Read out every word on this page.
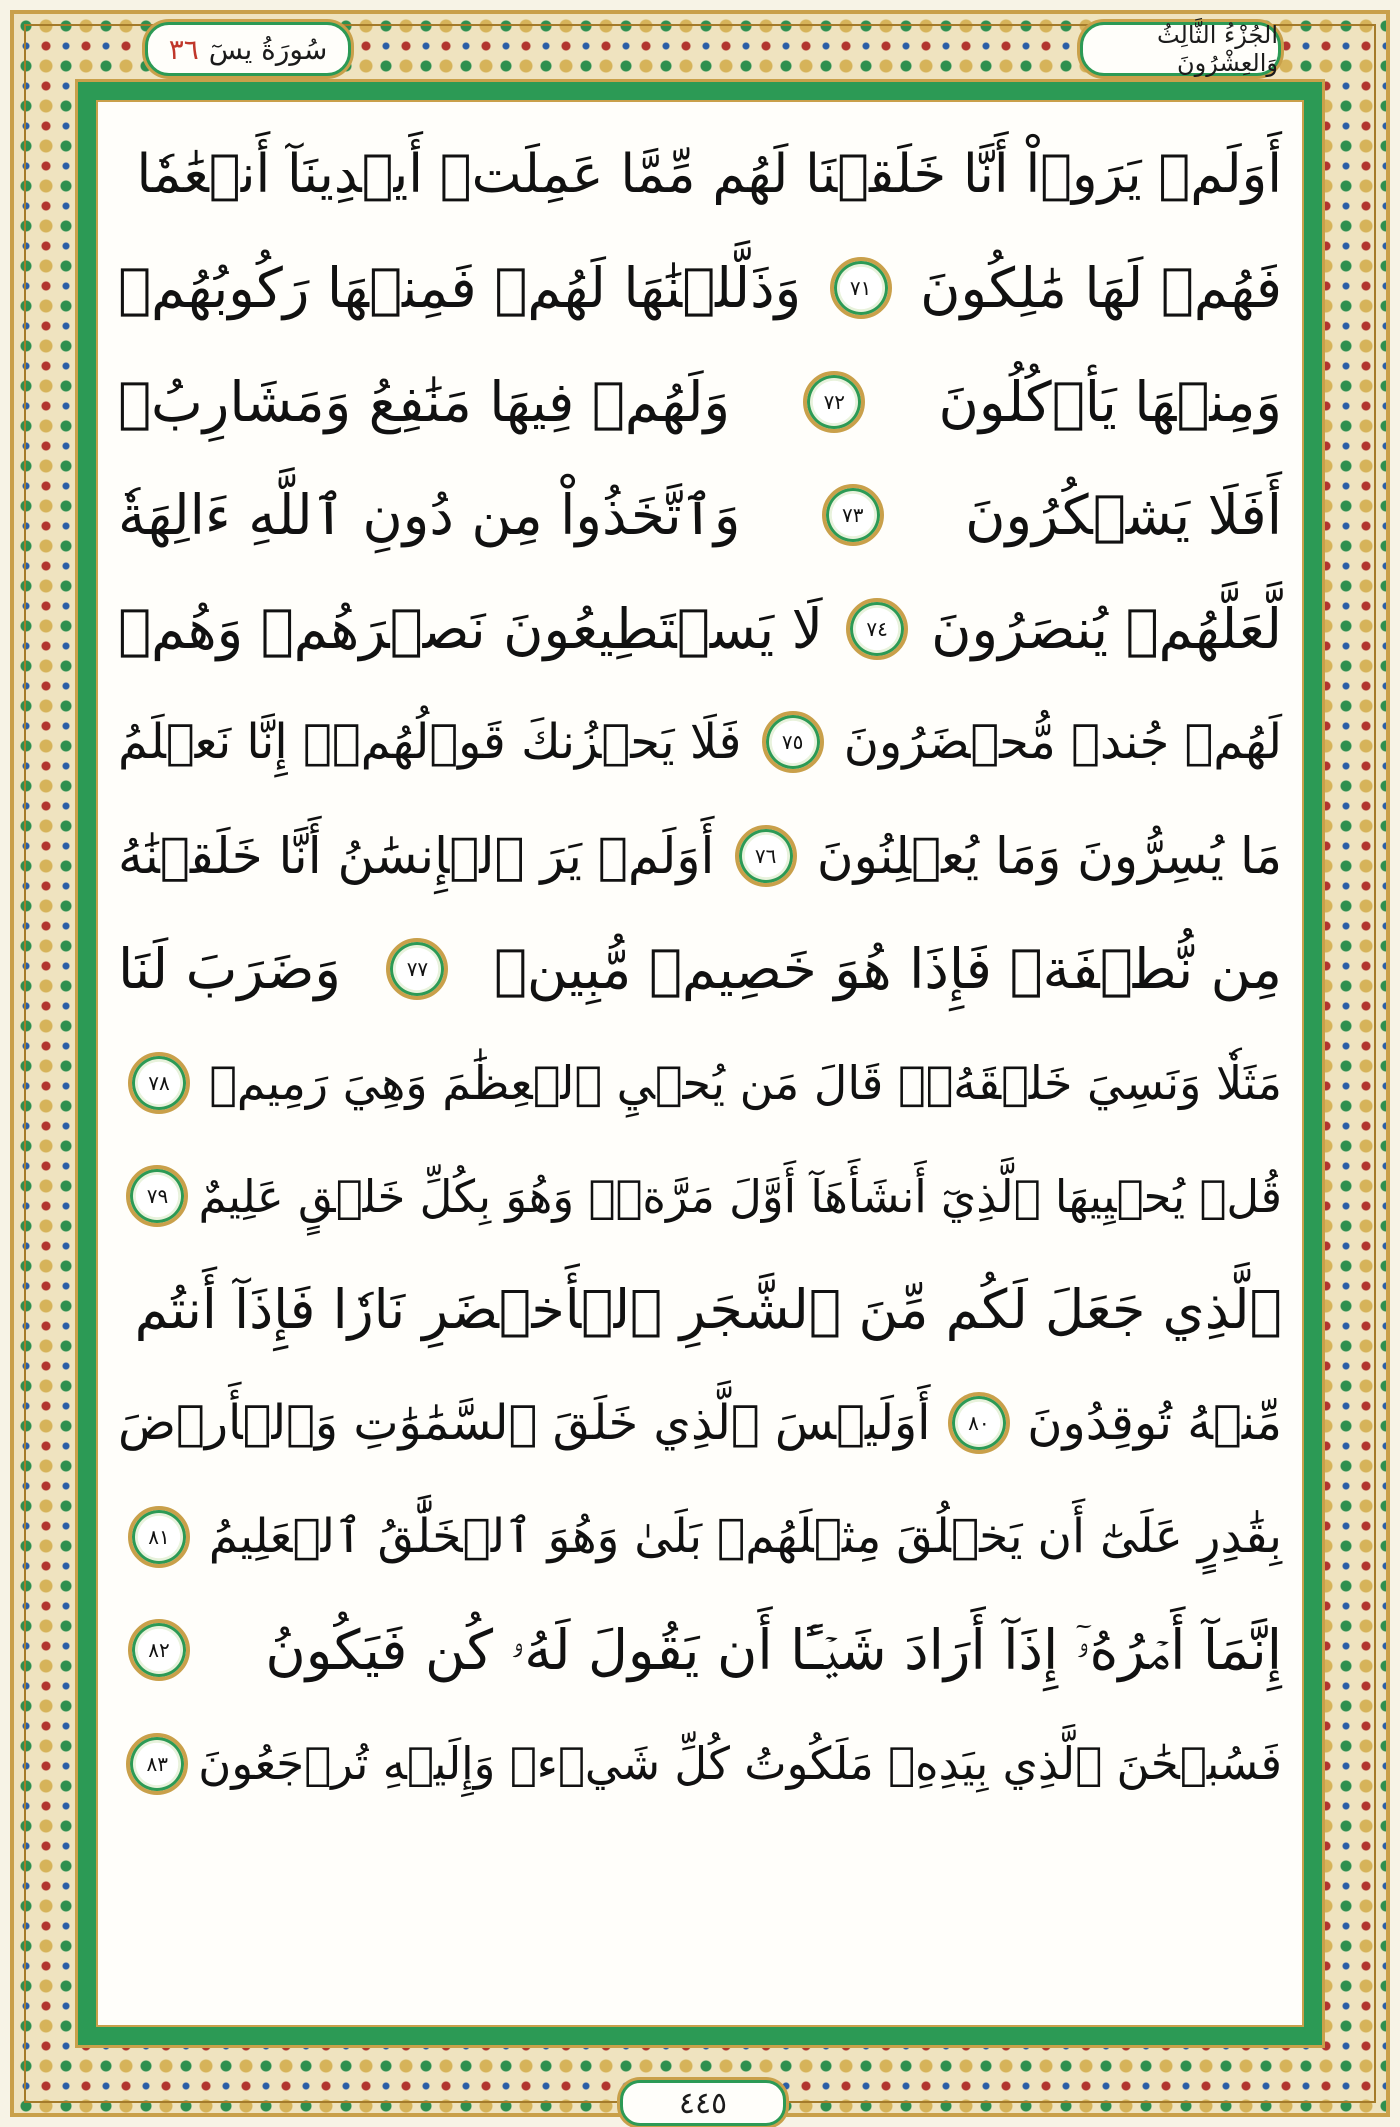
سُورَةُ يسٓ
٣٦	الجُزْءُ الثَّالِثُ وَالعِشْرُونَ
أَوَلَمۡ يَرَوۡاْ أَنَّا خَلَقۡنَا لَهُم مِّمَّا عَمِلَتۡ أَيۡدِينَآ أَنۡعَٰمٗا
فَهُمۡ لَهَا مَٰلِكُونَ
٧١
وَذَلَّلۡنَٰهَا لَهُمۡ فَمِنۡهَا رَكُوبُهُمۡ
وَمِنۡهَا يَأۡكُلُونَ
٧٢
وَلَهُمۡ فِيهَا مَنَٰفِعُ وَمَشَارِبُۚ
أَفَلَا يَشۡكُرُونَ
٧٣
وَٱتَّخَذُواْ مِن دُونِ ٱللَّهِ ءَالِهَةٗ
لَّعَلَّهُمۡ يُنصَرُونَ
٧٤
لَا يَسۡتَطِيعُونَ نَصۡرَهُمۡ وَهُمۡ
لَهُمۡ جُندٞ مُّحۡضَرُونَ
٧٥
فَلَا يَحۡزُنكَ قَوۡلُهُمۡۘ إِنَّا نَعۡلَمُ
مَا يُسِرُّونَ وَمَا يُعۡلِنُونَ
٧٦
أَوَلَمۡ يَرَ ٱلۡإِنسَٰنُ أَنَّا خَلَقۡنَٰهُ
مِن نُّطۡفَةٖ فَإِذَا هُوَ خَصِيمٞ مُّبِينٞ
٧٧
وَضَرَبَ لَنَا
مَثَلٗا وَنَسِيَ خَلۡقَهُۥۖ قَالَ مَن يُحۡيِ ٱلۡعِظَٰمَ وَهِيَ رَمِيمٞ
٧٨
قُلۡ يُحۡيِيهَا ٱلَّذِيٓ أَنشَأَهَآ أَوَّلَ مَرَّةٖۖ وَهُوَ بِكُلِّ خَلۡقٍ عَلِيمٌ
٧٩
ٱلَّذِي جَعَلَ لَكُم مِّنَ ٱلشَّجَرِ ٱلۡأَخۡضَرِ نَارٗا فَإِذَآ أَنتُم
مِّنۡهُ تُوقِدُونَ
٨٠
أَوَلَيۡسَ ٱلَّذِي خَلَقَ ٱلسَّمَٰوَٰتِ وَٱلۡأَرۡضَ
بِقَٰدِرٍ عَلَىٰٓ أَن يَخۡلُقَ مِثۡلَهُمۚ بَلَىٰ وَهُوَ ٱلۡخَلَّٰقُ ٱلۡعَلِيمُ
٨١
إِنَّمَآ أَمۡرُهُۥٓ إِذَآ أَرَادَ شَيۡـًٔا أَن يَقُولَ لَهُۥ كُن فَيَكُونُ
٨٢
فَسُبۡحَٰنَ ٱلَّذِي بِيَدِهِۦ مَلَكُوتُ كُلِّ شَيۡءٖ وَإِلَيۡهِ تُرۡجَعُونَ
٨٣
٤٤٥
